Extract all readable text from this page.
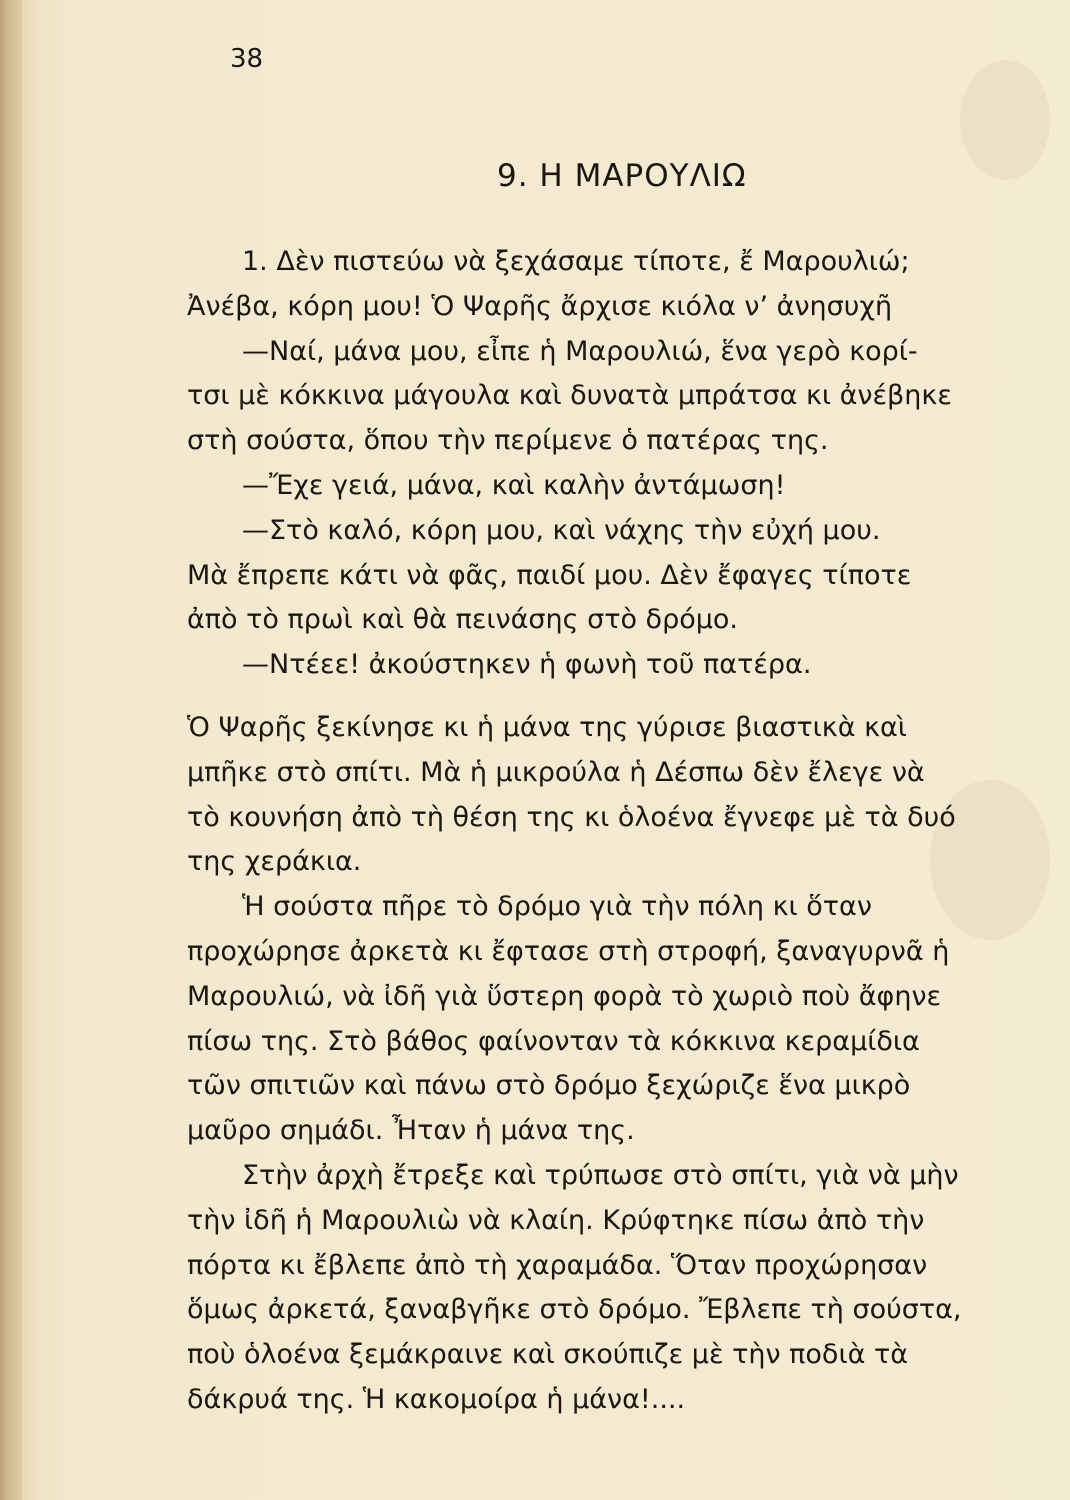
38
9. Η ΜΑΡΟΥΛΙΩ
1. Δὲν πιστεύω νὰ ξεχάσαμε τίποτε, ἔ Μαρουλιώ;
Ἀνέβα, κόρη μου! Ὁ Ψαρῆς ἄρχισε κιόλα ν’ ἀνησυχῆ
—Ναί, μάνα μου, εἶπε ἡ Μαρουλιώ, ἕνα γερὸ κορί-
τσι μὲ κόκκινα μάγουλα καὶ δυνατὰ μπράτσα κι ἀνέβηκε
στὴ σούστα, ὅπου τὴν περίμενε ὁ πατέρας της.
—Ἔχε γειά, μάνα, καὶ καλὴν ἀντάμωση!
—Στὸ καλό, κόρη μου, καὶ νάχης τὴν εὐχή μου.
Μὰ ἔπρεπε κάτι νὰ φᾶς, παιδί μου. Δὲν ἔφαγες τίποτε
ἀπὸ τὸ πρωὶ καὶ θὰ πεινάσης στὸ δρόμο.
—Ντέεε! ἀκούστηκεν ἡ φωνὴ τοῦ πατέρα.
Ὁ Ψαρῆς ξεκίνησε κι ἡ μάνα της γύρισε βιαστικὰ καὶ
μπῆκε στὸ σπίτι. Μὰ ἡ μικρούλα ἡ Δέσπω δὲν ἔλεγε νὰ
τὸ κουνήση ἀπὸ τὴ θέση της κι ὁλοένα ἔγνεφε μὲ τὰ δυό
της χεράκια.
Ἡ σούστα πῆρε τὸ δρόμο γιὰ τὴν πόλη κι ὅταν
προχώρησε ἀρκετὰ κι ἔφτασε στὴ στροφή, ξαναγυρνᾶ ἡ
Μαρουλιώ, νὰ ἰδῆ γιὰ ὕστερη φορὰ τὸ χωριὸ ποὺ ἄφηνε
πίσω της. Στὸ βάθος φαίνονταν τὰ κόκκινα κεραμίδια
τῶν σπιτιῶν καὶ πάνω στὸ δρόμο ξεχώριζε ἕνα μικρὸ
μαῦρο σημάδι. Ἦταν ἡ μάνα της.
Στὴν ἀρχὴ ἔτρεξε καὶ τρύπωσε στὸ σπίτι, γιὰ νὰ μὴν
τὴν ἰδῆ ἡ Μαρουλιὼ νὰ κλαίη. Κρύφτηκε πίσω ἀπὸ τὴν
πόρτα κι ἔβλεπε ἀπὸ τὴ χαραμάδα. Ὅταν προχώρησαν
ὅμως ἀρκετά, ξαναβγῆκε στὸ δρόμο. Ἔβλεπε τὴ σούστα,
ποὺ ὁλοένα ξεμάκραινε καὶ σκούπιζε μὲ τὴν ποδιὰ τὰ
δάκρυά της. Ἡ κακομοίρα ἡ μάνα!....
